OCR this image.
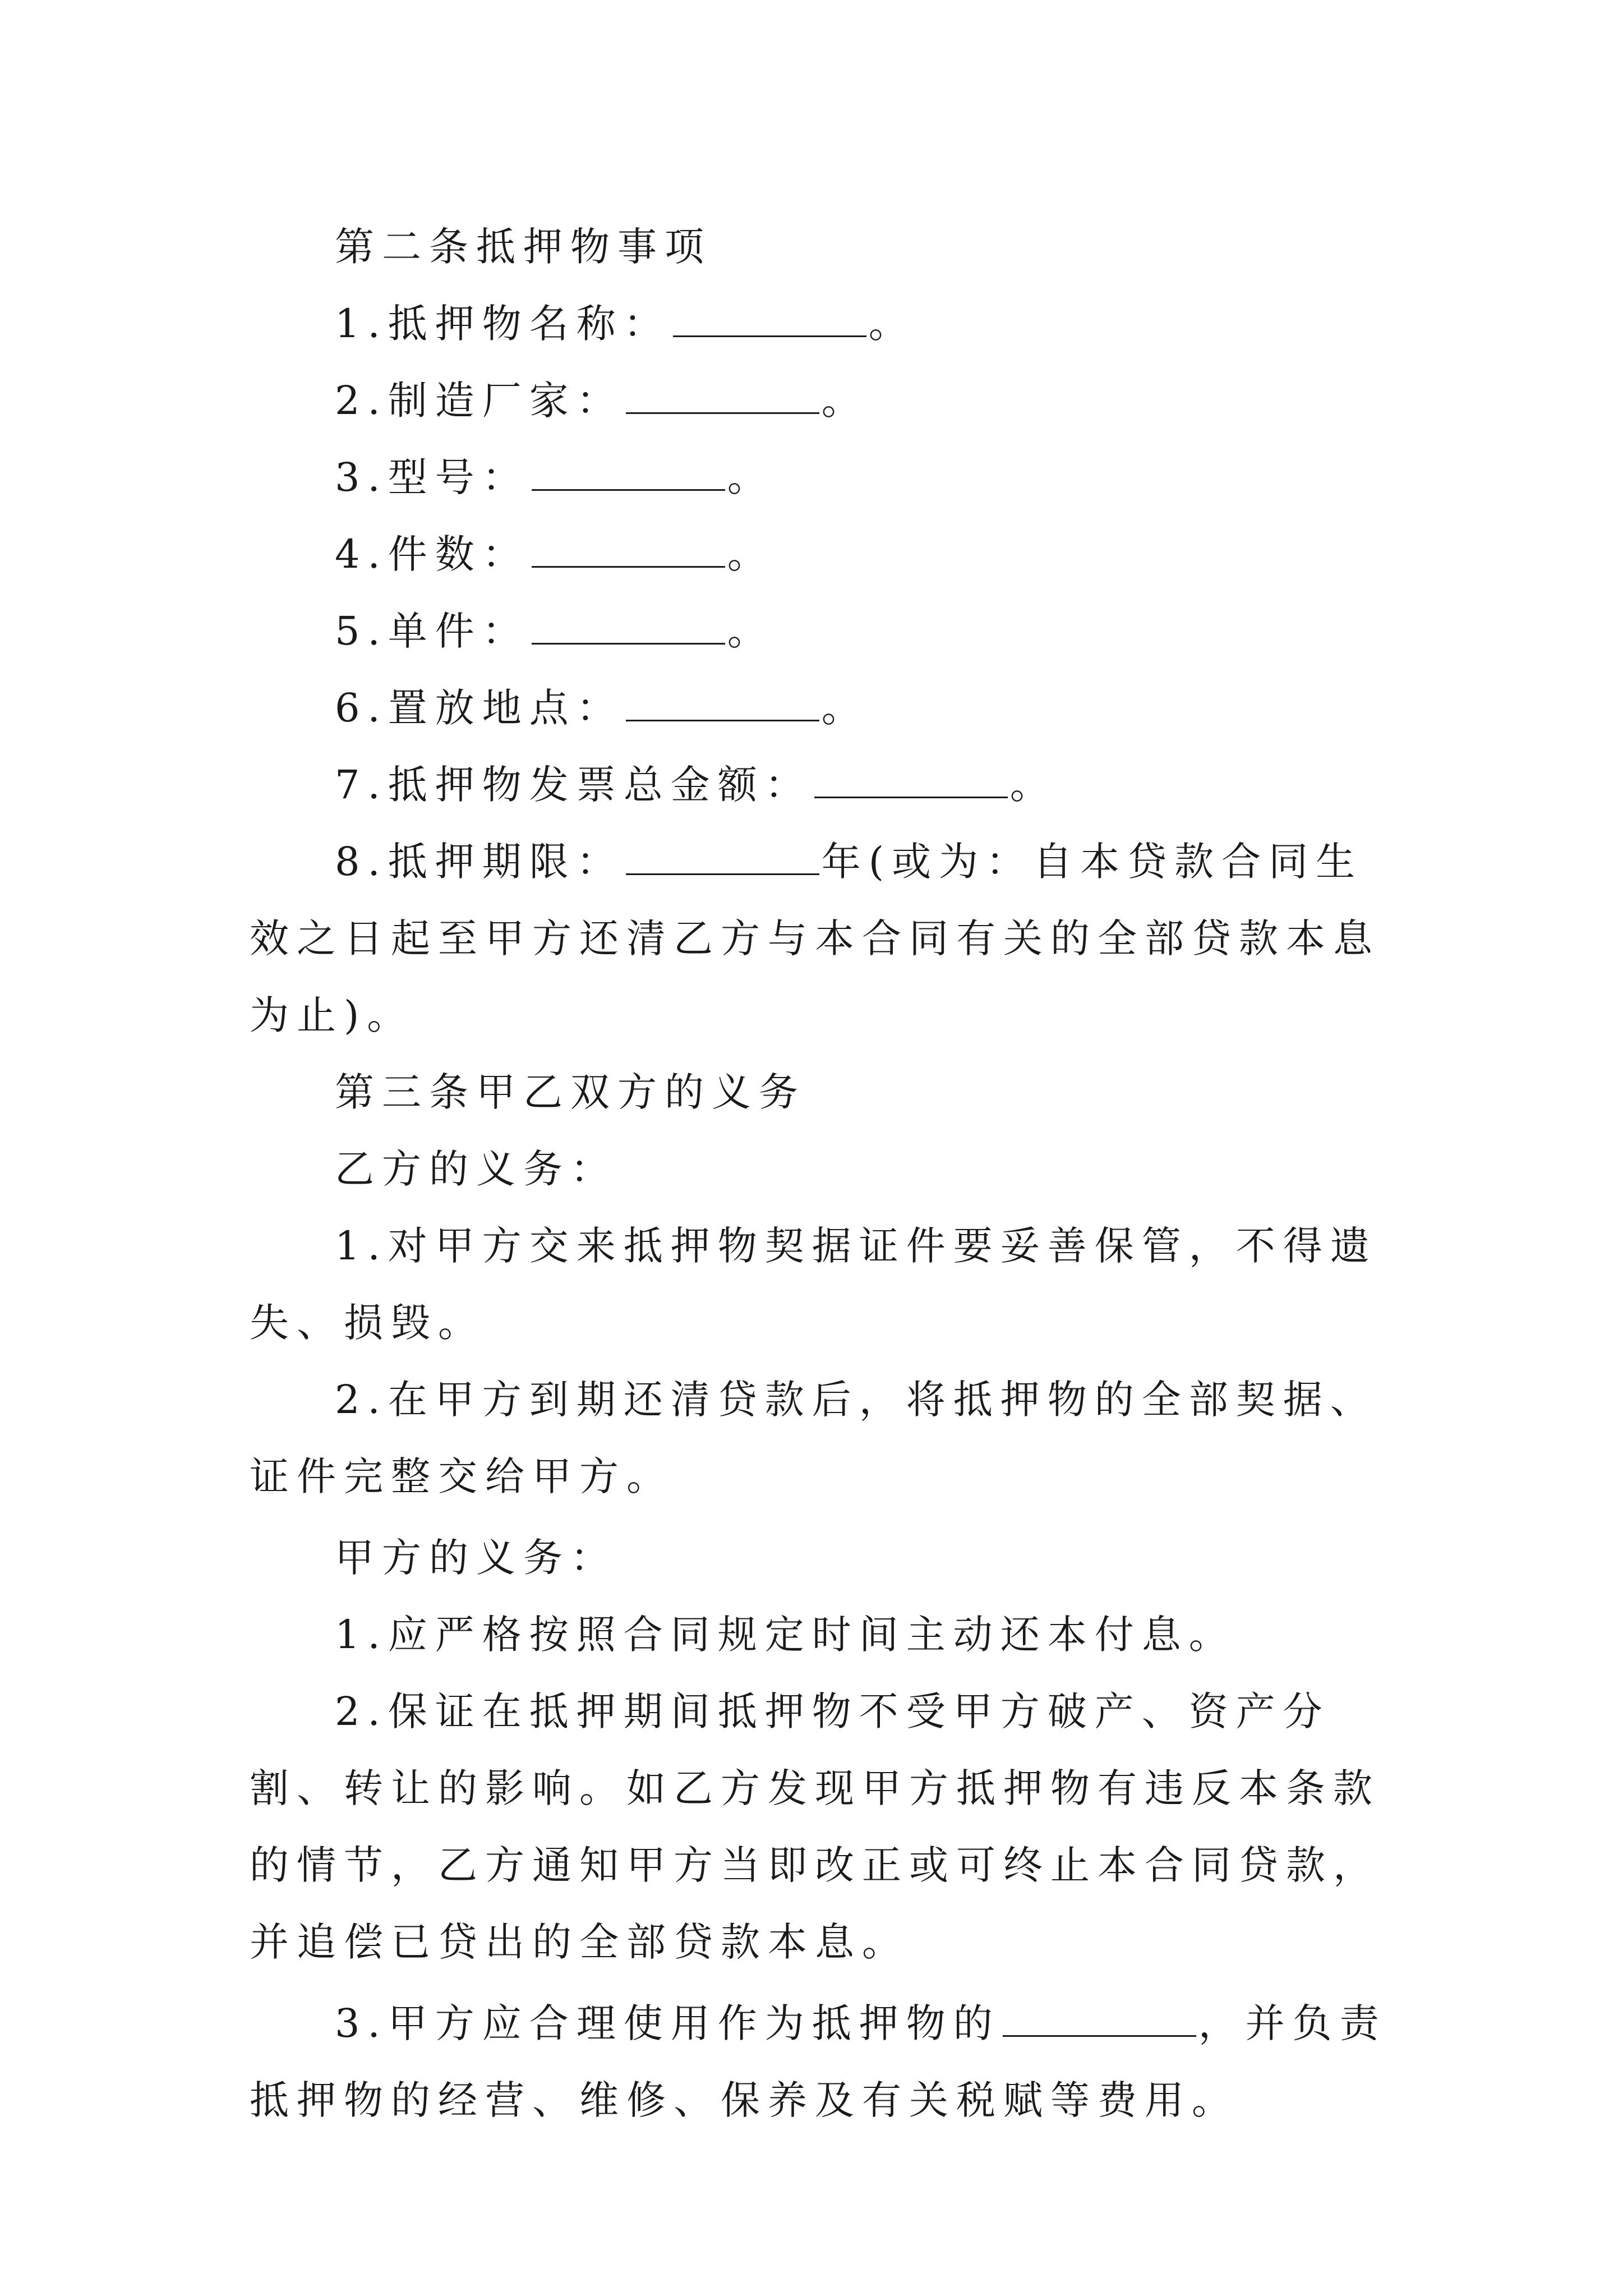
第二条抵押物事项

1.抵押物名称：	。

2.制造厂家：	。

3.型号：	。

4.件数：	。

5.单件：	。

6.置放地点：	。

7.抵押物发票总金额：	。

8.抵押期限：	年(或为：自本贷款合同生效之日起至甲方还清乙方与本合同有关的全部贷款本息为止)。

第三条甲乙双方的义务

乙方的义务：

1.对甲方交来抵押物契据证件要妥善保管，不得遗失、损毁。

2.在甲方到期还清贷款后，将抵押物的全部契据、证件完整交给甲方。

甲方的义务：

1.应严格按照合同规定时间主动还本付息。

2.保证在抵押期间抵押物不受甲方破产、资产分割、转让的影响。如乙方发现甲方抵押物有违反本条款的情节，乙方通知甲方当即改正或可终止本合同贷款，并追偿已贷出的全部贷款本息。

3.甲方应合理使用作为抵押物的	，并负责抵押物的经营、维修、保养及有关税赋等费用。
